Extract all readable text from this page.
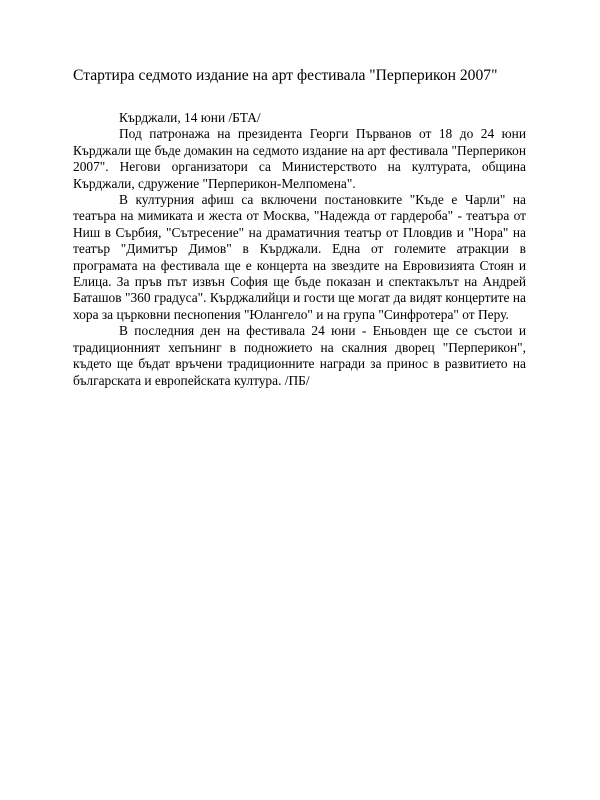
Стартира седмото издание на арт фестивала "Перперикон 2007"

Кърджали, 14 юни /БТА/

Под патронажа на президента Георги Първанов от 18 до 24 юни Кърджали ще бъде домакин на седмото издание на арт фестивала "Перперикон 2007". Негови организатори са Министерството на културата, община Кърджали, сдружение "Перперикон-Мелпомена".

В културния афиш са включени постановките "Къде е Чарли" на театъра на мимиката и жеста от Москва, "Надежда от гардероба" - театъра от Ниш в Сърбия, "Сътресение" на драматичния театър от Пловдив и "Нора" на театър "Димитър Димов" в Кърджали. Една от големите атракции в програмата на фестивала ще е концерта на звездите на Евровизията Стоян и Елица. За пръв път извън София ще бъде показан и спектакълът на Андрей Баташов "360 градуса". Кърджалийци и гости ще могат да видят концертите на хора за църковни песнопения "Юлангело" и на група "Синфротера" от Перу.

В последния ден на фестивала 24 юни - Еньовден ще се състои и традиционният хепънинг в подножието на скалния дворец "Перперикон", където ще бъдат връчени традиционните награди за принос в развитието на българската и европейската култура. /ПБ/
